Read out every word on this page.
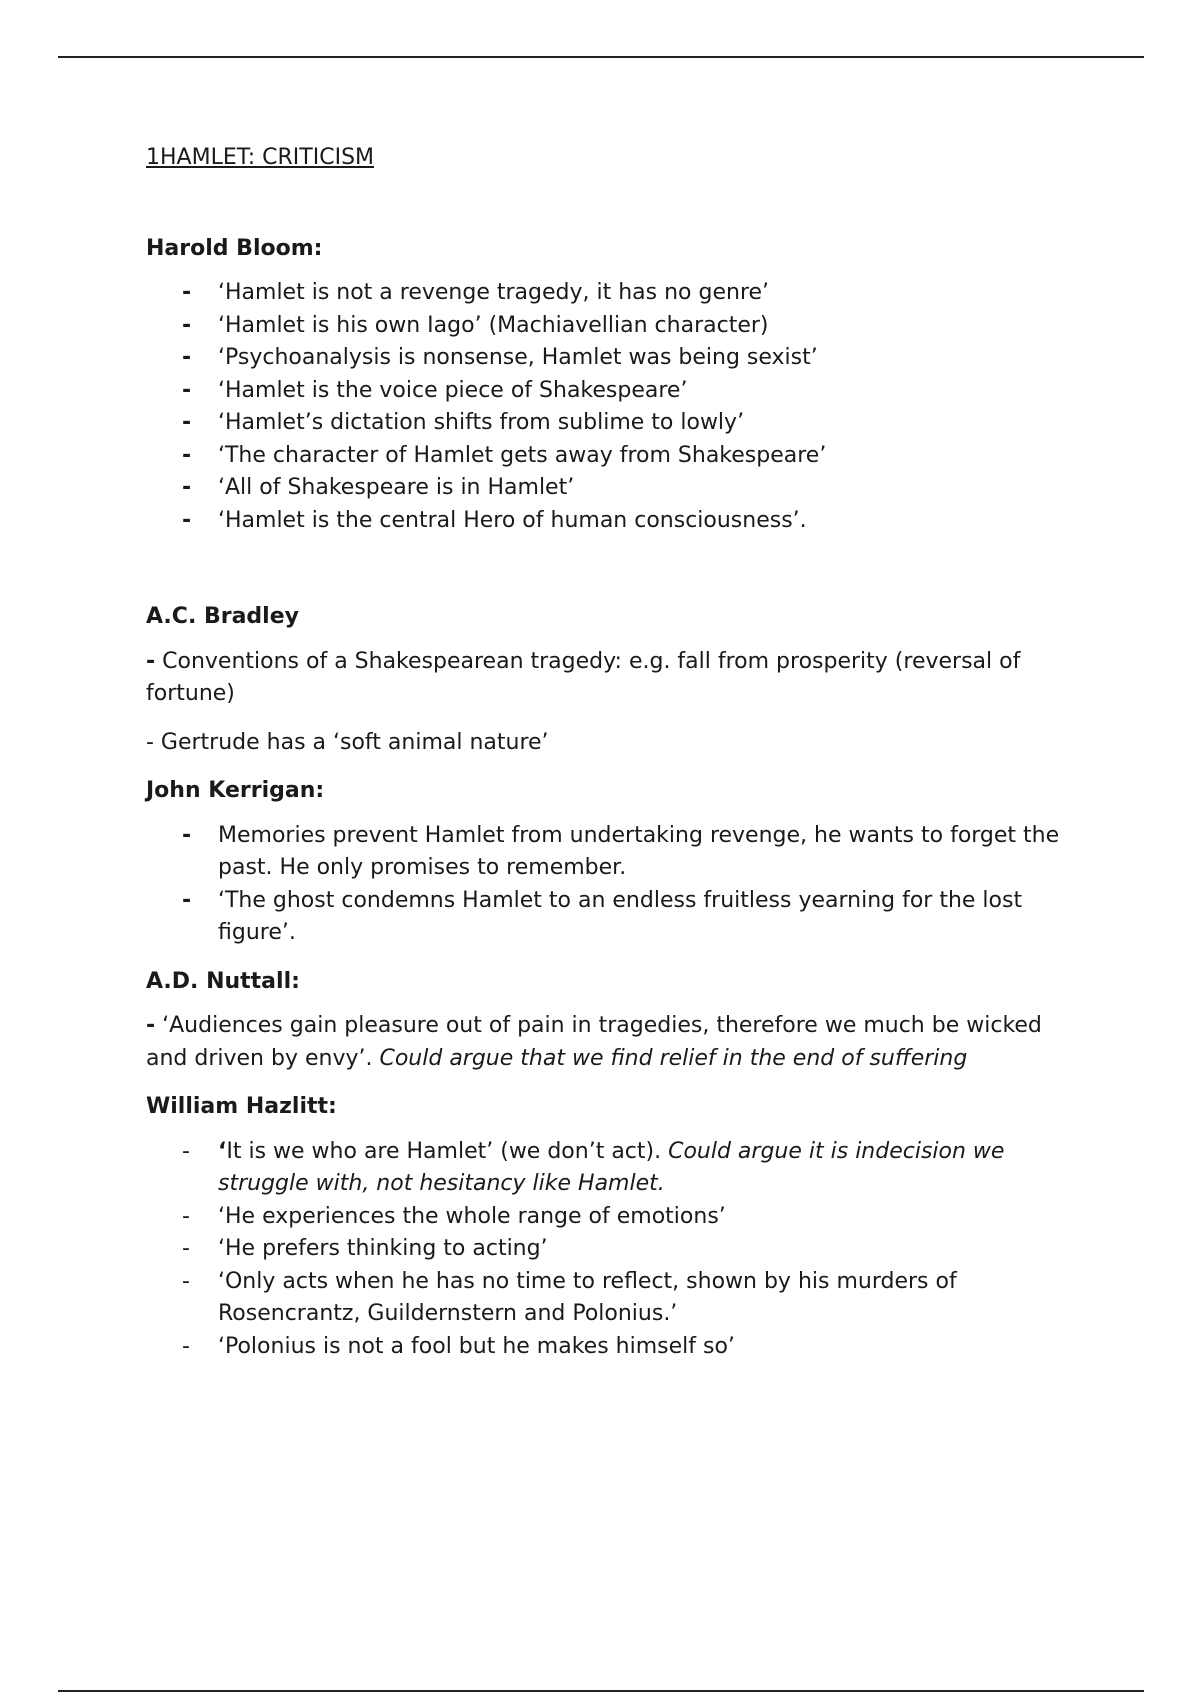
1HAMLET: CRITICISM

Harold Bloom:

- ‘Hamlet is not a revenge tragedy, it has no genre’
- ‘Hamlet is his own Iago’ (Machiavellian character)
- ‘Psychoanalysis is nonsense, Hamlet was being sexist’
- ‘Hamlet is the voice piece of Shakespeare’
- ‘Hamlet’s dictation shifts from sublime to lowly’
- ‘The character of Hamlet gets away from Shakespeare’
- ‘All of Shakespeare is in Hamlet’
- ‘Hamlet is the central Hero of human consciousness’.

A.C. Bradley

- Conventions of a Shakespearean tragedy: e.g. fall from prosperity (reversal of fortune)

- Gertrude has a ‘soft animal nature’

John Kerrigan:

- Memories prevent Hamlet from undertaking revenge, he wants to forget the past. He only promises to remember.
- ‘The ghost condemns Hamlet to an endless fruitless yearning for the lost figure’.

A.D. Nuttall:

- ‘Audiences gain pleasure out of pain in tragedies, therefore we much be wicked and driven by envy’. Could argue that we find relief in the end of suffering

William Hazlitt:

- ‘It is we who are Hamlet’ (we don’t act). Could argue it is indecision we struggle with, not hesitancy like Hamlet.
- ‘He experiences the whole range of emotions’
- ‘He prefers thinking to acting’
- ‘Only acts when he has no time to reflect, shown by his murders of Rosencrantz, Guildernstern and Polonius.’
- ‘Polonius is not a fool but he makes himself so’
